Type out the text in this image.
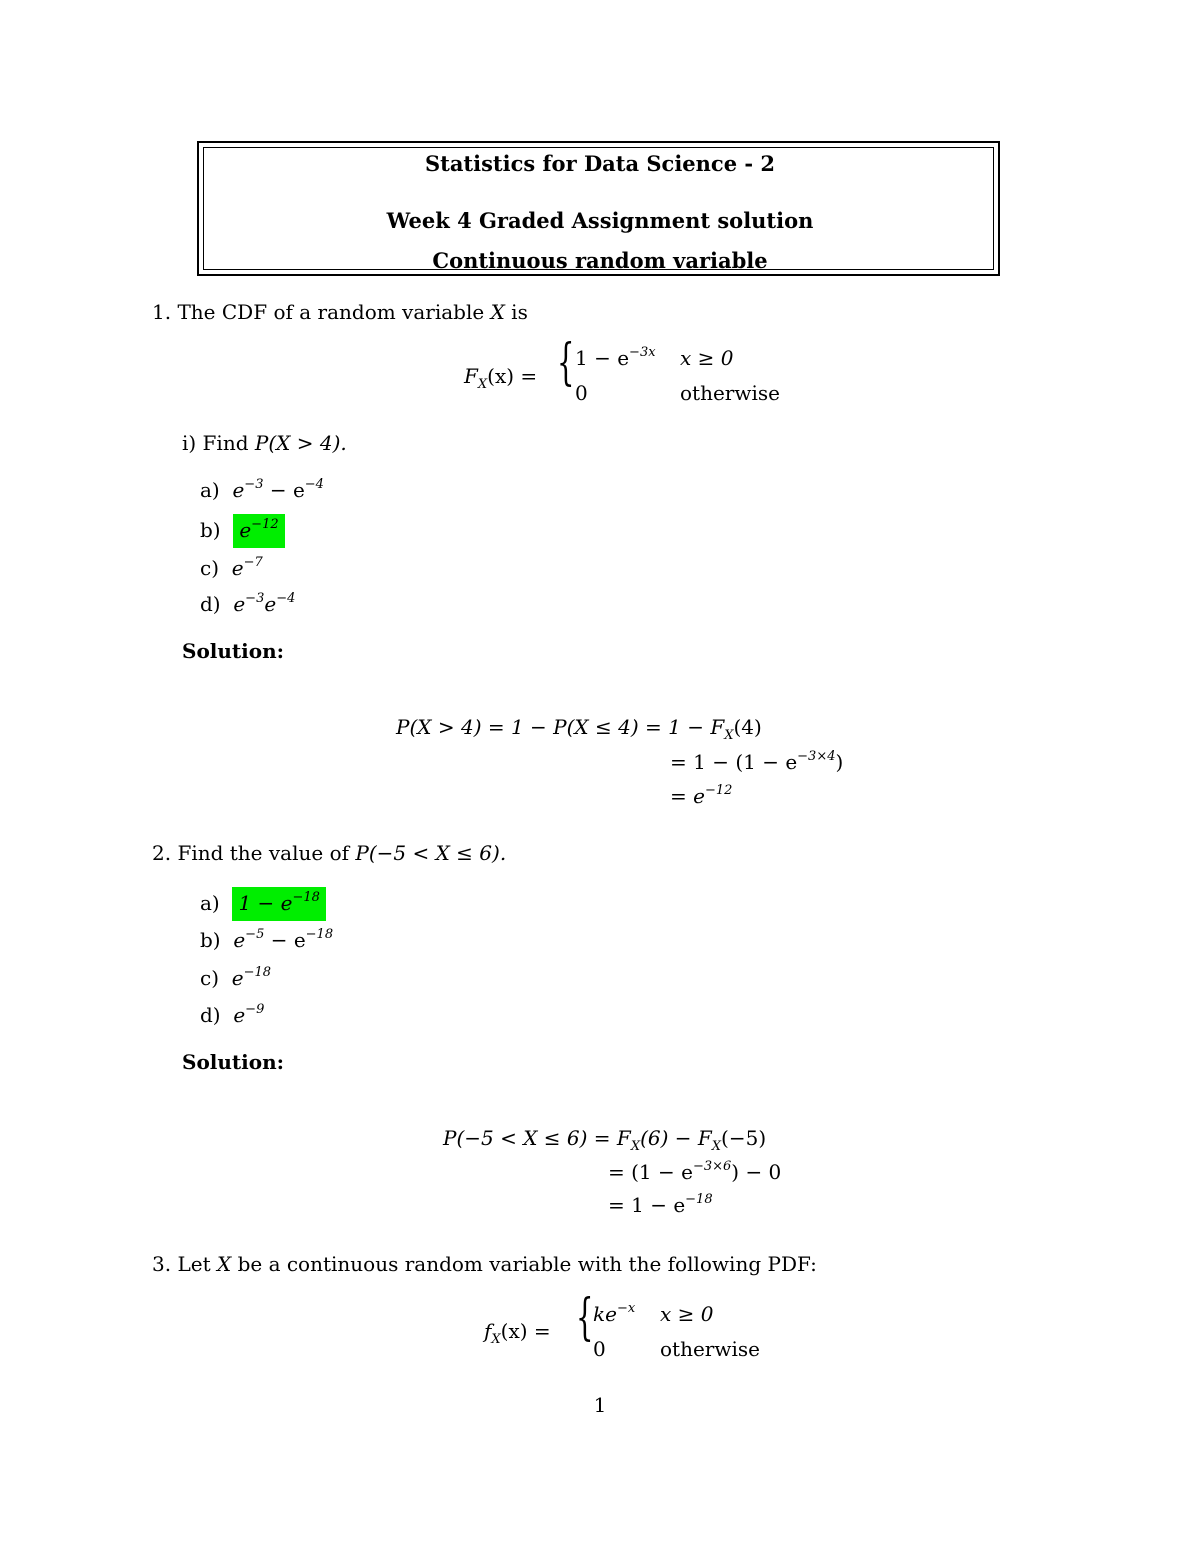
Statistics for Data Science - 2
Week 4 Graded Assignment solution
Continuous random variable
1. The CDF of a random variable X is
$F_X(x)$ = { $1 - e^{-3x}$ x ≥ 0
0	otherwise
i) Find P(X > 4).
a) $e^{-3} - e^{-4}$
b) $e^{-12}$
c) $e^{-7}$
d) $e^{-3}e^{-4}$
Solution:
$P(X > 4) = 1 - P(X \le 4) = 1 - F_X(4)$
= $1 - (1 - e^{-3\times 4})$
= $e^{-12}$
2. Find the value of P(−5 < X ≤ 6).
a) $1 - e^{-18}$
b) $e^{-5} - e^{-18}$
c) $e^{-18}$
d) $e^{-9}$
Solution:
$P(-5 < X \le 6) = F_X(6) - F_X(-5)$
= $(1 - e^{-3\times 6}) - 0$
= $1 - e^{-18}$
3. Let X be a continuous random variable with the following PDF:
$f_X(x)$ = { $ke^{-x}$ x ≥ 0
0	otherwise
1
